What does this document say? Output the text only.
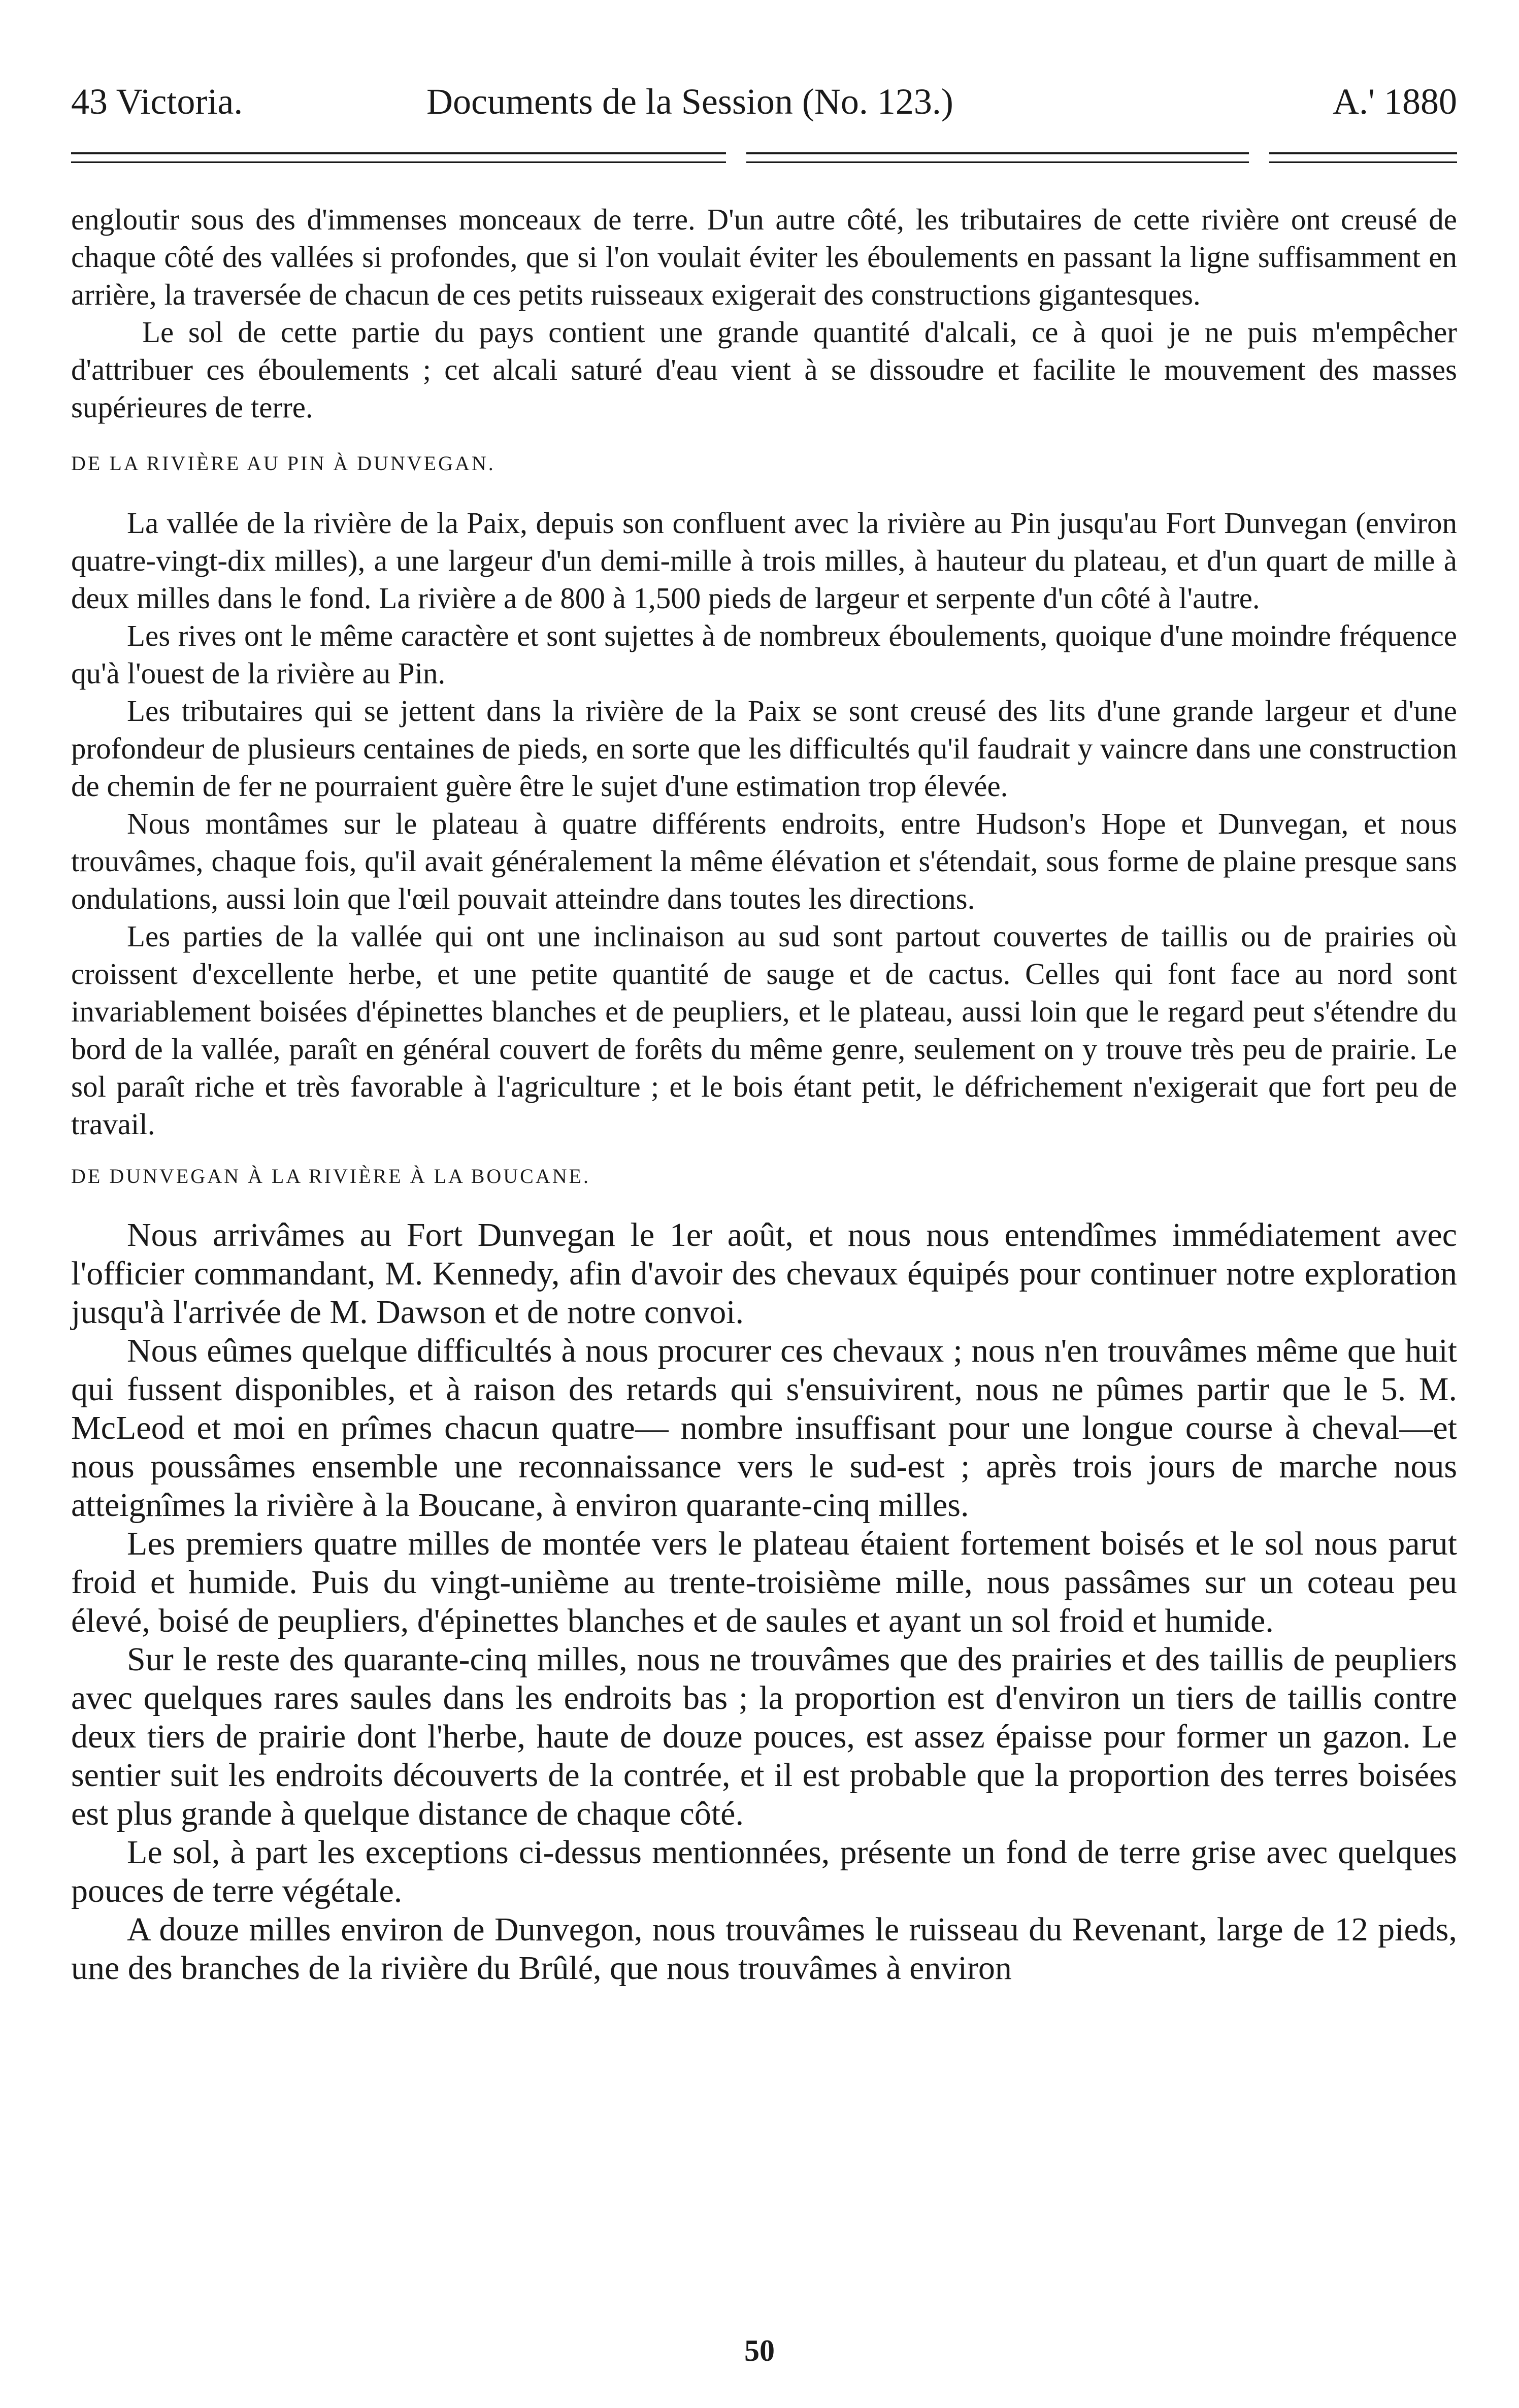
43 Victoria.	Documents de la Session (No. 123.)	A.' 1880

engloutir sous des d'immenses monceaux de terre. D'un autre côté, les tributaires de cette rivière ont creusé de chaque côté des vallées si profondes, que si l'on voulait éviter les éboulements en passant la ligne suffisamment en arrière, la traversée de chacun de ces petits ruisseaux exigerait des constructions gigantesques.

Le sol de cette partie du pays contient une grande quantité d'alcali, ce à quoi je ne puis m'empêcher d'attribuer ces éboulements ; cet alcali saturé d'eau vient à se dissoudre et facilite le mouvement des masses supérieures de terre.

DE LA RIVIÈRE AU PIN À DUNVEGAN.

La vallée de la rivière de la Paix, depuis son confluent avec la rivière au Pin jusqu'au Fort Dunvegan (environ quatre-vingt-dix milles), a une largeur d'un demi-mille à trois milles, à hauteur du plateau, et d'un quart de mille à deux milles dans le fond. La rivière a de 800 à 1,500 pieds de largeur et serpente d'un côté à l'autre.

Les rives ont le même caractère et sont sujettes à de nombreux éboulements, quoique d'une moindre fréquence qu'à l'ouest de la rivière au Pin.

Les tributaires qui se jettent dans la rivière de la Paix se sont creusé des lits d'une grande largeur et d'une profondeur de plusieurs centaines de pieds, en sorte que les difficultés qu'il faudrait y vaincre dans une construction de chemin de fer ne pourraient guère être le sujet d'une estimation trop élevée.

Nous montâmes sur le plateau à quatre différents endroits, entre Hudson's Hope et Dunvegan, et nous trouvâmes, chaque fois, qu'il avait généralement la même élévation et s'étendait, sous forme de plaine presque sans ondulations, aussi loin que l'œil pouvait atteindre dans toutes les directions.

Les parties de la vallée qui ont une inclinaison au sud sont partout couvertes de taillis ou de prairies où croissent d'excellente herbe, et une petite quantité de sauge et de cactus. Celles qui font face au nord sont invariablement boisées d'épinettes blanches et de peupliers, et le plateau, aussi loin que le regard peut s'étendre du bord de la vallée, paraît en général couvert de forêts du même genre, seulement on y trouve très peu de prairie. Le sol paraît riche et très favorable à l'agriculture ; et le bois étant petit, le défrichement n'exigerait que fort peu de travail.

DE DUNVEGAN À LA RIVIÈRE À LA BOUCANE.

Nous arrivâmes au Fort Dunvegan le 1er août, et nous nous entendîmes immédiatement avec l'officier commandant, M. Kennedy, afin d'avoir des chevaux équipés pour continuer notre exploration jusqu'à l'arrivée de M. Dawson et de notre convoi.

Nous eûmes quelque difficultés à nous procurer ces chevaux ; nous n'en trouvâmes même que huit qui fussent disponibles, et à raison des retards qui s'ensuivirent, nous ne pûmes partir que le 5. M. McLeod et moi en prîmes chacun quatre— nombre insuffisant pour une longue course à cheval—et nous poussâmes ensemble une reconnaissance vers le sud-est ; après trois jours de marche nous atteignîmes la rivière à la Boucane, à environ quarante-cinq milles.

Les premiers quatre milles de montée vers le plateau étaient fortement boisés et le sol nous parut froid et humide. Puis du vingt-unième au trente-troisième mille, nous passâmes sur un coteau peu élevé, boisé de peupliers, d'épinettes blanches et de saules et ayant un sol froid et humide.

Sur le reste des quarante-cinq milles, nous ne trouvâmes que des prairies et des taillis de peupliers avec quelques rares saules dans les endroits bas ; la proportion est d'environ un tiers de taillis contre deux tiers de prairie dont l'herbe, haute de douze pouces, est assez épaisse pour former un gazon. Le sentier suit les endroits découverts de la contrée, et il est probable que la proportion des terres boisées est plus grande à quelque distance de chaque côté.

Le sol, à part les exceptions ci-dessus mentionnées, présente un fond de terre grise avec quelques pouces de terre végétale.

A douze milles environ de Dunvegon, nous trouvâmes le ruisseau du Revenant, large de 12 pieds, une des branches de la rivière du Brûlé, que nous trouvâmes à environ

50
